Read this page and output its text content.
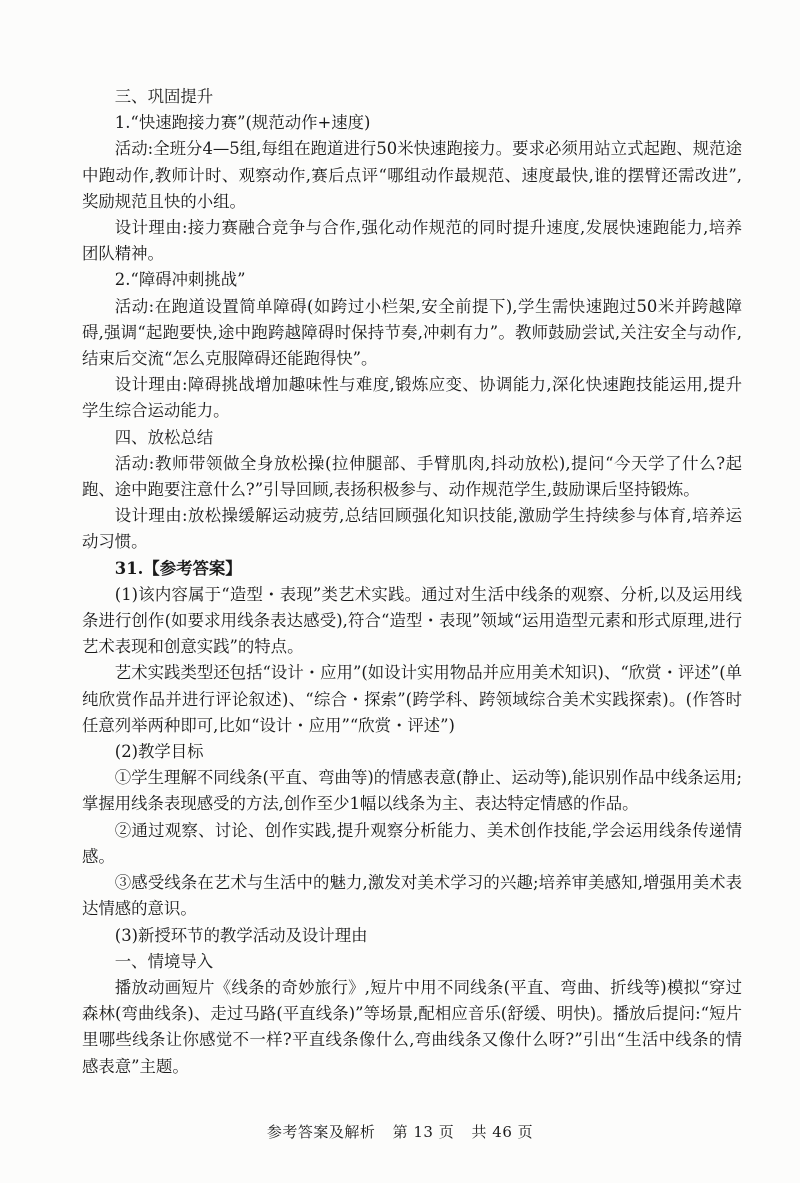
三、巩固提升

1.“快速跑接力赛”(规范动作+速度)

活动:全班分4—5组,每组在跑道进行50米快速跑接力。要求必须用站立式起跑、规范途中跑动作,教师计时、观察动作,赛后点评“哪组动作最规范、速度最快,谁的摆臂还需改进”,奖励规范且快的小组。

设计理由:接力赛融合竞争与合作,强化动作规范的同时提升速度,发展快速跑能力,培养团队精神。

2.“障碍冲刺挑战”

活动:在跑道设置简单障碍(如跨过小栏架,安全前提下),学生需快速跑过50米并跨越障碍,强调“起跑要快,途中跑跨越障碍时保持节奏,冲刺有力”。教师鼓励尝试,关注安全与动作,结束后交流“怎么克服障碍还能跑得快”。

设计理由:障碍挑战增加趣味性与难度,锻炼应变、协调能力,深化快速跑技能运用,提升学生综合运动能力。

四、放松总结

活动:教师带领做全身放松操(拉伸腿部、手臂肌肉,抖动放松),提问“今天学了什么?起跑、途中跑要注意什么?”引导回顾,表扬积极参与、动作规范学生,鼓励课后坚持锻炼。

设计理由:放松操缓解运动疲劳,总结回顾强化知识技能,激励学生持续参与体育,培养运动习惯。

31.【参考答案】

(1)该内容属于“造型・表现”类艺术实践。通过对生活中线条的观察、分析,以及运用线条进行创作(如要求用线条表达感受),符合“造型・表现”领域“运用造型元素和形式原理,进行艺术表现和创意实践”的特点。

艺术实践类型还包括“设计・应用”(如设计实用物品并应用美术知识)、“欣赏・评述”(单纯欣赏作品并进行评论叙述)、“综合・探索”(跨学科、跨领域综合美术实践探索)。(作答时任意列举两种即可,比如“设计・应用”“欣赏・评述”)

(2)教学目标

①学生理解不同线条(平直、弯曲等)的情感表意(静止、运动等),能识别作品中线条运用;掌握用线条表现感受的方法,创作至少1幅以线条为主、表达特定情感的作品。

②通过观察、讨论、创作实践,提升观察分析能力、美术创作技能,学会运用线条传递情感。

③感受线条在艺术与生活中的魅力,激发对美术学习的兴趣;培养审美感知,增强用美术表达情感的意识。

(3)新授环节的教学活动及设计理由

一、情境导入

播放动画短片《线条的奇妙旅行》,短片中用不同线条(平直、弯曲、折线等)模拟“穿过森林(弯曲线条)、走过马路(平直线条)”等场景,配相应音乐(舒缓、明快)。播放后提问:“短片里哪些线条让你感觉不一样?平直线条像什么,弯曲线条又像什么呀?”引出“生活中线条的情感表意”主题。

参考答案及解析 第 13 页 共 46 页
